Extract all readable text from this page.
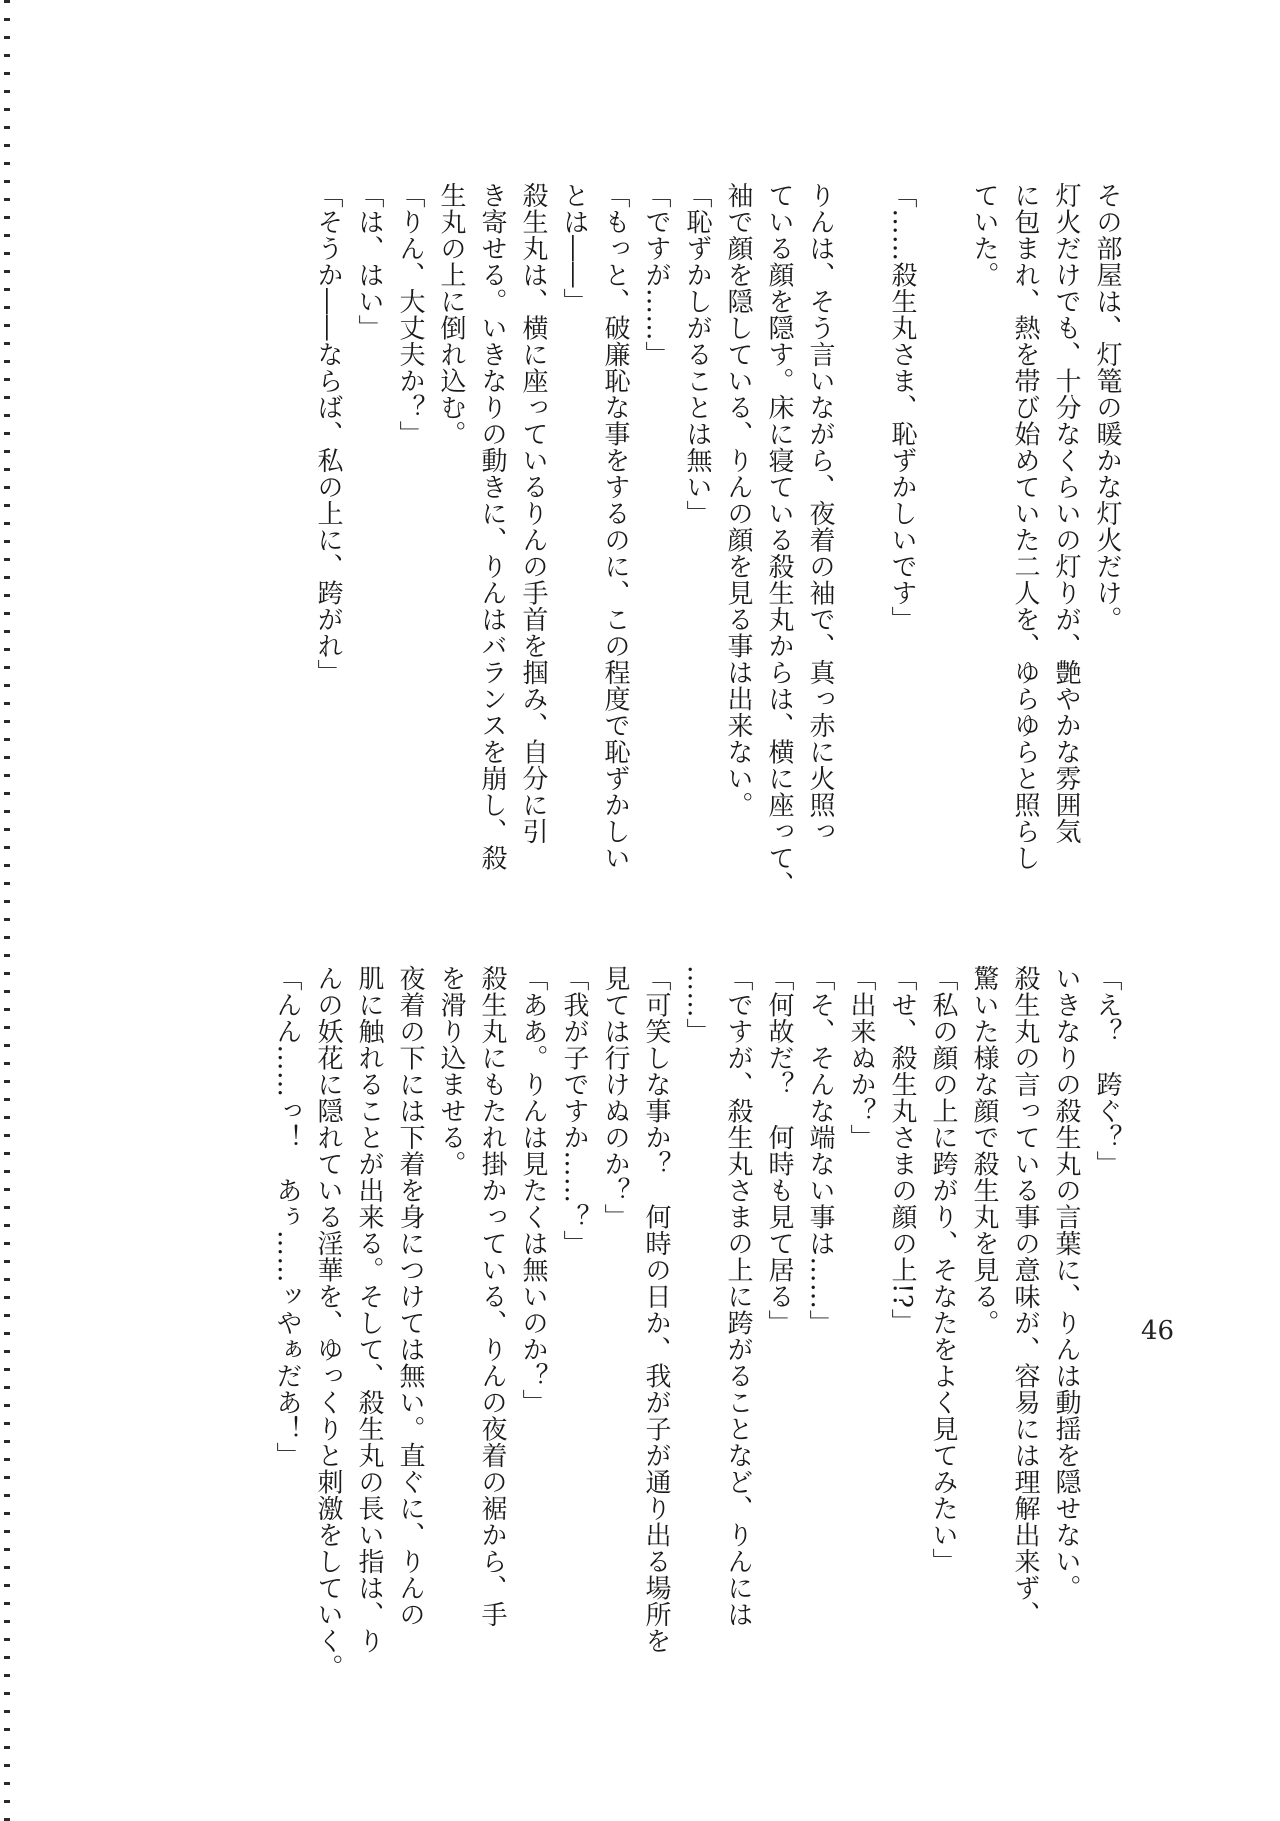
その部屋は、灯篭の暖かな灯火だけ。
灯火だけでも、十分なくらいの灯りが、艶やかな雰囲気
に包まれ、熱を帯び始めていた二人を、ゆらゆらと照らし
ていた。

「……殺生丸さま、恥ずかしいです」

りんは、そう言いながら、夜着の袖で、真っ赤に火照っ
ている顔を隠す。床に寝ている殺生丸からは、横に座って、
袖で顔を隠している、りんの顔を見る事は出来ない。
「恥ずかしがることは無い」
「ですが……」
「もっと、破廉恥な事をするのに、この程度で恥ずかしい
とは――」
殺生丸は、横に座っているりんの手首を掴み、自分に引
き寄せる。いきなりの動きに、りんはバランスを崩し、殺
生丸の上に倒れ込む。
「りん、大丈夫か？」
「は、はい」
「そうか――ならば、私の上に、跨がれ」

「え？　跨ぐ？」
いきなりの殺生丸の言葉に、りんは動揺を隠せない。
殺生丸の言っている事の意味が、容易には理解出来ず、
驚いた様な顔で殺生丸を見る。
「私の顔の上に跨がり、そなたをよく見てみたい」
「せ、殺生丸さまの顔の上!?」
「出来ぬか？」
「そ、そんな端ない事は……」
「何故だ？　何時も見て居る」
「ですが、殺生丸さまの上に跨がることなど、りんには
……」
「可笑しな事か？　何時の日か、我が子が通り出る場所を
見ては行けぬのか？」
「我が子ですか……？」
「ああ。りんは見たくは無いのか？」
殺生丸にもたれ掛かっている、りんの夜着の裾から、手
を滑り込ませる。
夜着の下には下着を身につけては無い。直ぐに、りんの
肌に触れることが出来る。そして、殺生丸の長い指は、り
んの妖花に隠れている淫華を、ゆっくりと刺激をしていく。
「んん……っ！　あぅ……ッやぁだあ！」	46
